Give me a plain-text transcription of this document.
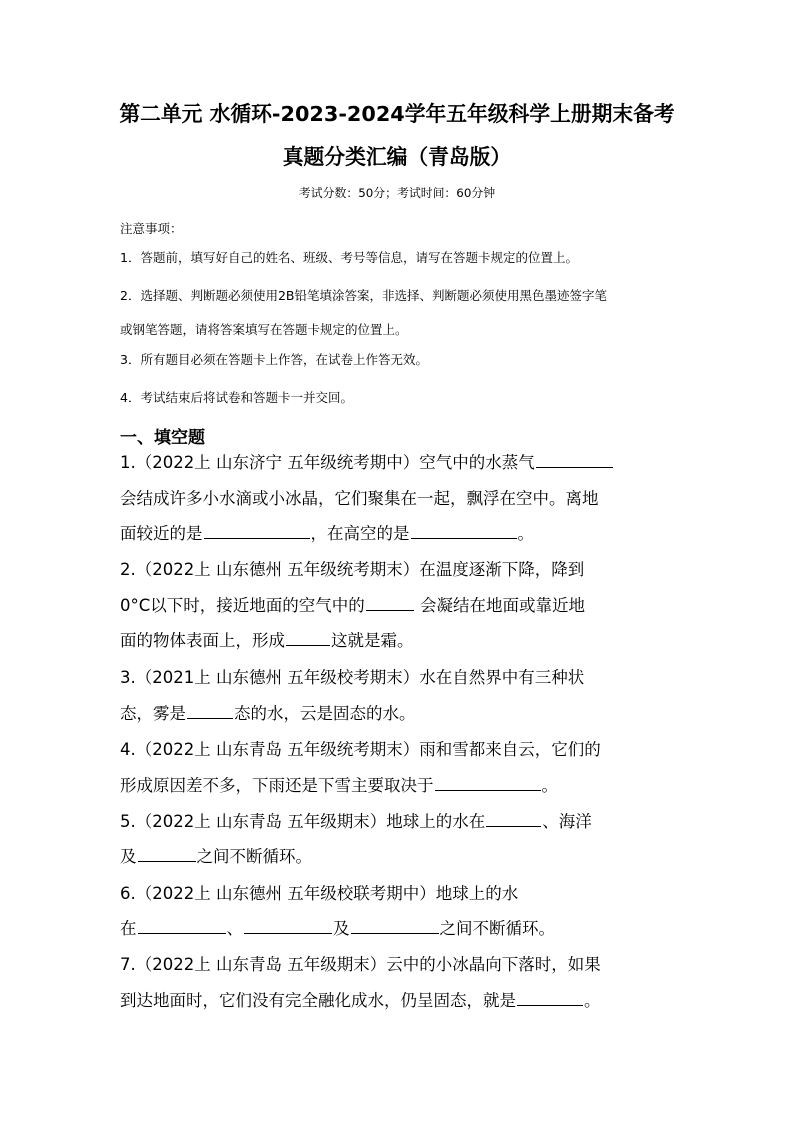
第二单元 水循环-2023-2024学年五年级科学上册期末备考
真题分类汇编（青岛版）
考试分数：50分；考试时间：60分钟
注意事项：
1．答题前，填写好自己的姓名、班级、考号等信息，请写在答题卡规定的位置上。
2．选择题、判断题必须使用2B铅笔填涂答案，非选择、判断题必须使用黑色墨迹签字笔
或钢笔答题，请将答案填写在答题卡规定的位置上。
3．所有题目必须在答题卡上作答，在试卷上作答无效。
4．考试结束后将试卷和答题卡一并交回。
一、填空题
1.（2022上 山东济宁 五年级统考期中）空气中的水蒸气
会结成许多小水滴或小冰晶，它们聚集在一起，飘浮在空中。离地
面较近的是	，在高空的是	。
2.（2022上 山东德州 五年级统考期末）在温度逐渐下降，降到
0°C以下时，接近地面的空气中的	会凝结在地面或靠近地
面的物体表面上，形成	这就是霜。
3.（2021上 山东德州 五年级校考期末）水在自然界中有三种状
态，雾是	态的水，云是固态的水。
4.（2022上 山东青岛 五年级统考期末）雨和雪都来自云，它们的
形成原因差不多，下雨还是下雪主要取决于	。
5.（2022上 山东青岛 五年级期末）地球上的水在	、海洋
及	之间不断循环。
6.（2022上 山东德州 五年级校联考期中）地球上的水
在	、	及	之间不断循环。
7.（2022上 山东青岛 五年级期末）云中的小冰晶向下落时，如果
到达地面时，它们没有完全融化成水，仍呈固态，就是	。
